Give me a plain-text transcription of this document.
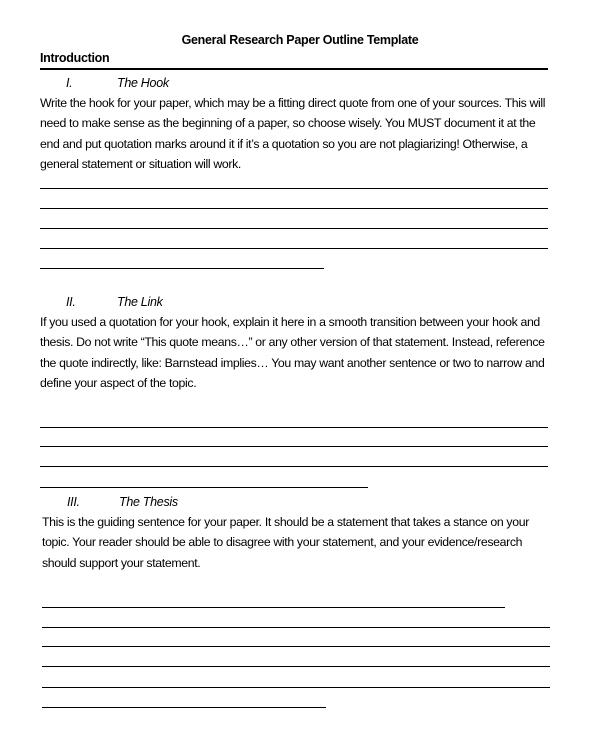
General Research Paper Outline Template
Introduction
I.	The Hook
Write the hook for your paper, which may be a fitting direct quote from one of your sources. This will
need to make sense as the beginning of a paper, so choose wisely. You MUST document it at the
end and put quotation marks around it if it’s a quotation so you are not plagiarizing! Otherwise, a
general statement or situation will work.
II.	The Link
If you used a quotation for your hook, explain it here in a smooth transition between your hook and
thesis. Do not write “This quote means…” or any other version of that statement. Instead, reference
the quote indirectly, like: Barnstead implies… You may want another sentence or two to narrow and
define your aspect of the topic.
III.	The Thesis
This is the guiding sentence for your paper. It should be a statement that takes a stance on your
topic. Your reader should be able to disagree with your statement, and your evidence/research
should support your statement.
